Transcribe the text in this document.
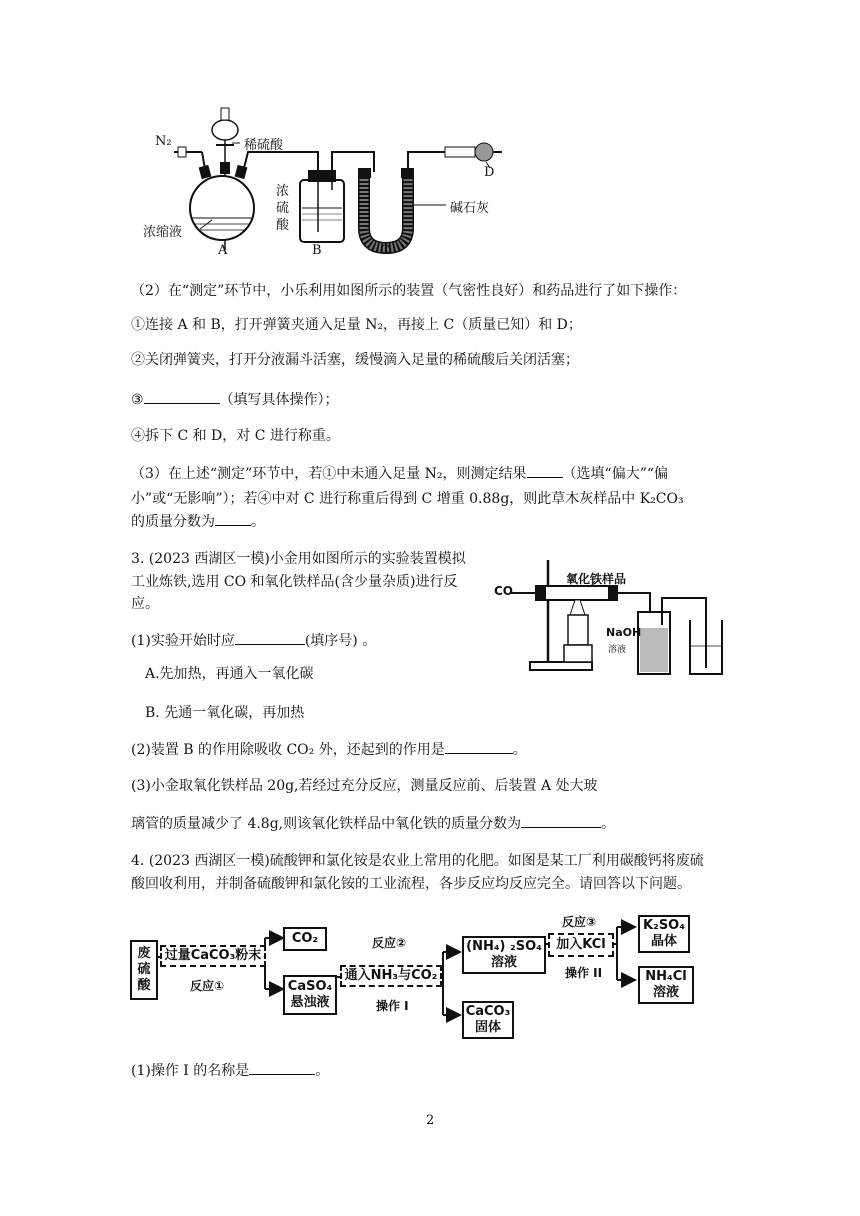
N₂	稀硫酸
浓缩液
浓
硫
酸
碱石灰
D
A	B	C
（2）在“测定”环节中，小乐利用如图所示的装置（气密性良好）和药品进行了如下操作：
①连接 A 和 B，打开弹簧夹通入足量 N₂，再接上 C（质量已知）和 D；
②关闭弹簧夹，打开分液漏斗活塞，缓慢滴入足量的稀硫酸后关闭活塞；
③	（填写具体操作）；
④拆下 C 和 D，对 C 进行称重。
（3）在上述“测定”环节中，若①中未通入足量 N₂，则测定结果	（选填“偏大”“偏
小”或“无影响”）；若④中对 C 进行称重后得到 C 增重 0.88g，则此草木灰样品中 K₂CO₃
的质量分数为	。
3. (2023 西湖区一模)小金用如图所示的实验装置模拟
工业炼铁,选用 CO 和氧化铁样品(含少量杂质)进行反
应。
CO
氧化铁样品
NaOH
溶液
(1)实验开始时应	(填序号) 。
A.先加热，再通入一氧化碳
B. 先通一氧化碳，再加热
(2)装置 B 的作用除吸收 CO₂ 外，还起到的作用是	。
(3)小金取氧化铁样品 20g,若经过充分反应，测量反应前、后装置 A 处大玻
璃管的质量减少了 4.8g,则该氧化铁样品中氧化铁的质量分数为	。
4. (2023 西湖区一模)硫酸钾和氯化铵是农业上常用的化肥。如图是某工厂利用碳酸钙将废硫
酸回收利用，并制备硫酸钾和氯化铵的工业流程，各步反应均反应完全。请回答以下问题。
废
硫
酸
过量CaCO₃粉末
反应①
CO₂
CaSO₄
悬浊液
反应②
通入NH₃与CO₂
操作 I
(NH₄) ₂SO₄
溶液
CaCO₃
固体
反应③
加入KCl
操作 II
K₂SO₄
晶体
NH₄Cl
溶液
(1)操作 I 的名称是	。
2
